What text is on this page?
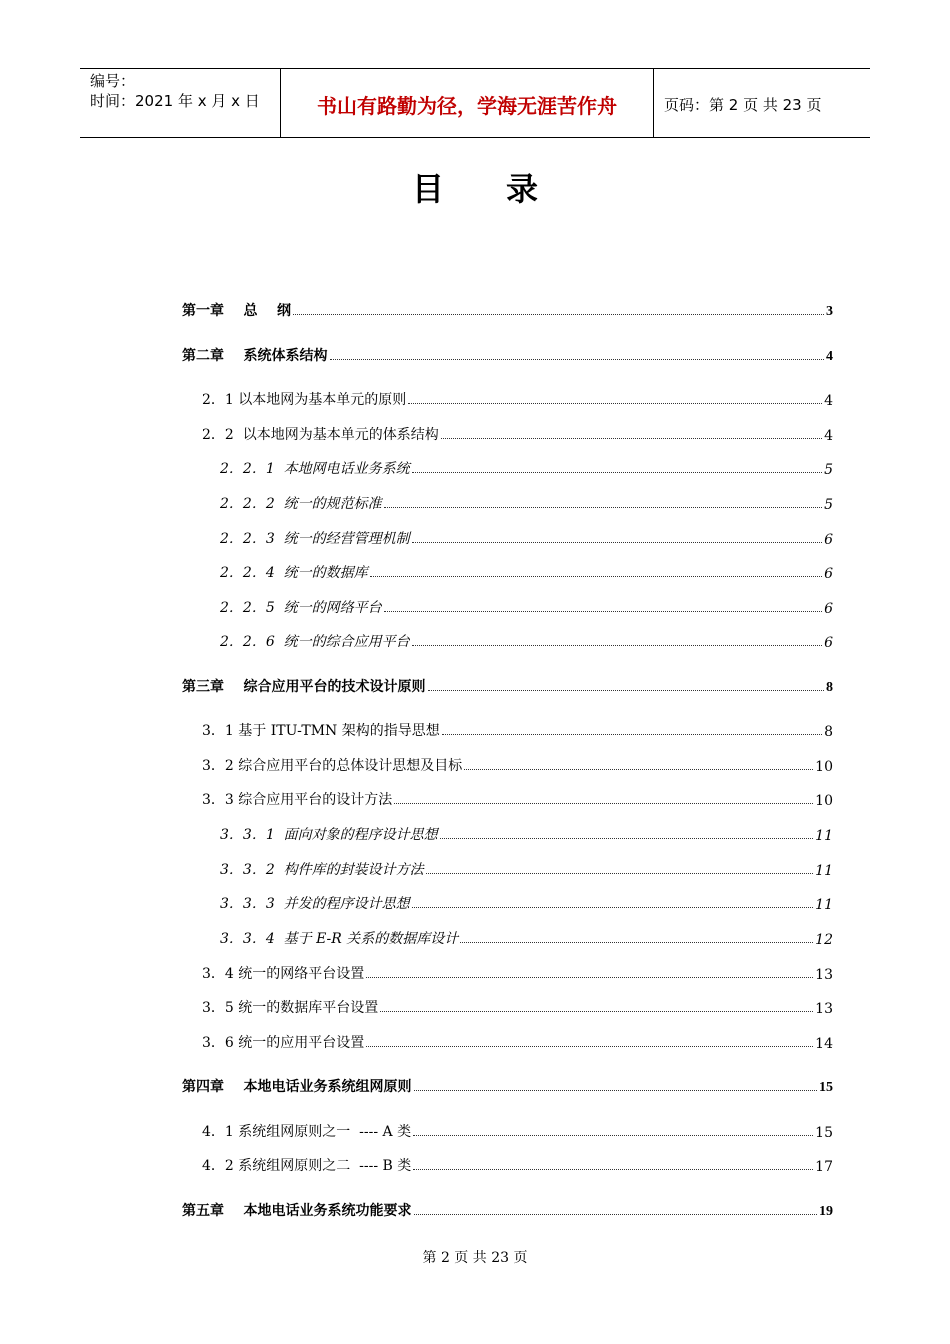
编号：
时间：2021 年 x 月 x 日	书山有路勤为径，学海无涯苦作舟	页码：第 2 页 共 23 页
目 录
第一章    总    纲	3
第二章    系统体系结构	4
2．1 以本地网为基本单元的原则	4
2．2  以本地网为基本单元的体系结构	4
2．2．1  本地网电话业务系统	5
2．2．2  统一的规范标准	5
2．2．3  统一的经营管理机制	6
2．2．4  统一的数据库	6
2．2．5  统一的网络平台	6
2．2．6  统一的综合应用平台	6
第三章    综合应用平台的技术设计原则	8
3．1 基于 ITU-TMN 架构的指导思想	8
3．2 综合应用平台的总体设计思想及目标	10
3．3 综合应用平台的设计方法	10
3．3．1  面向对象的程序设计思想	11
3．3．2  构件库的封装设计方法	11
3．3．3  并发的程序设计思想	11
3．3．4  基于 E-R 关系的数据库设计	12
3．4 统一的网络平台设置	13
3．5 统一的数据库平台设置	13
3．6 统一的应用平台设置	14
第四章    本地电话业务系统组网原则	15
4．1 系统组网原则之一  ---- A 类	15
4．2 系统组网原则之二  ---- B 类	17
第五章    本地电话业务系统功能要求	19
第 2 页 共 23 页
